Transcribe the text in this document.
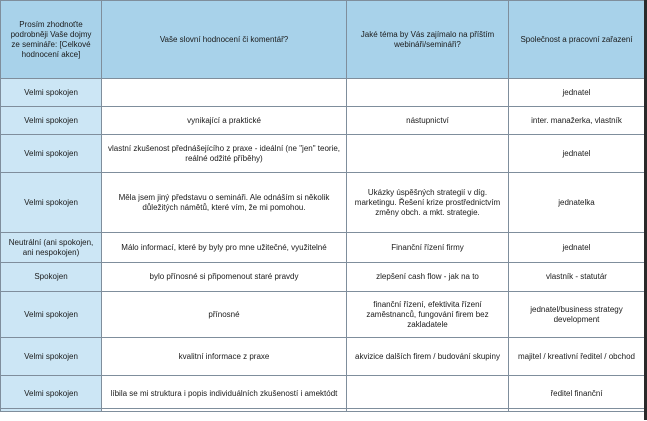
Prosím zhodnoťte podrobněji Vaše dojmy ze semináře: [Celkové hodnocení akce]	Vaše slovní hodnocení či komentář?	Jaké téma by Vás zajímalo na příštím webináři/semináři?	Společnost a pracovní zařazení
Velmi spokojen			jednatel
Velmi spokojen	vynikající a praktické	nástupnictví	inter. manažerka, vlastník
Velmi spokojen	vlastní zkušenost přednášejícího z praxe - ideální (ne "jen" teorie, reálné odžité příběhy)		jednatel
Velmi spokojen	Měla jsem jiný představu o semináři. Ale odnáším si několik důležitých námětů, které vím, že mi pomohou.	Ukázky úspěšných strategií v díg. marketingu. Řešení krize prostřednictvím změny obch. a mkt. strategie.	jednatelka
Neutrální (ani spokojen, ani nespokojen)	Málo informací, které by byly pro mne užitečné, využitelné	Finanční řízení firmy	jednatel
Spokojen	bylo přínosné si připomenout staré pravdy	zlepšení cash flow - jak na to	vlastník - statutár
Velmi spokojen	přínosné	finanční řízení, efektivita řízení zaměstnanců, fungování firem bez zakladatele	jednatel/business strategy development
Velmi spokojen	kvalitní informace z praxe	akvizice dalších firem / budování skupiny	majitel / kreativní ředitel / obchod
Velmi spokojen	líbila se mi struktura i popis individuálních zkušeností i amektódt		ředitel finanční
